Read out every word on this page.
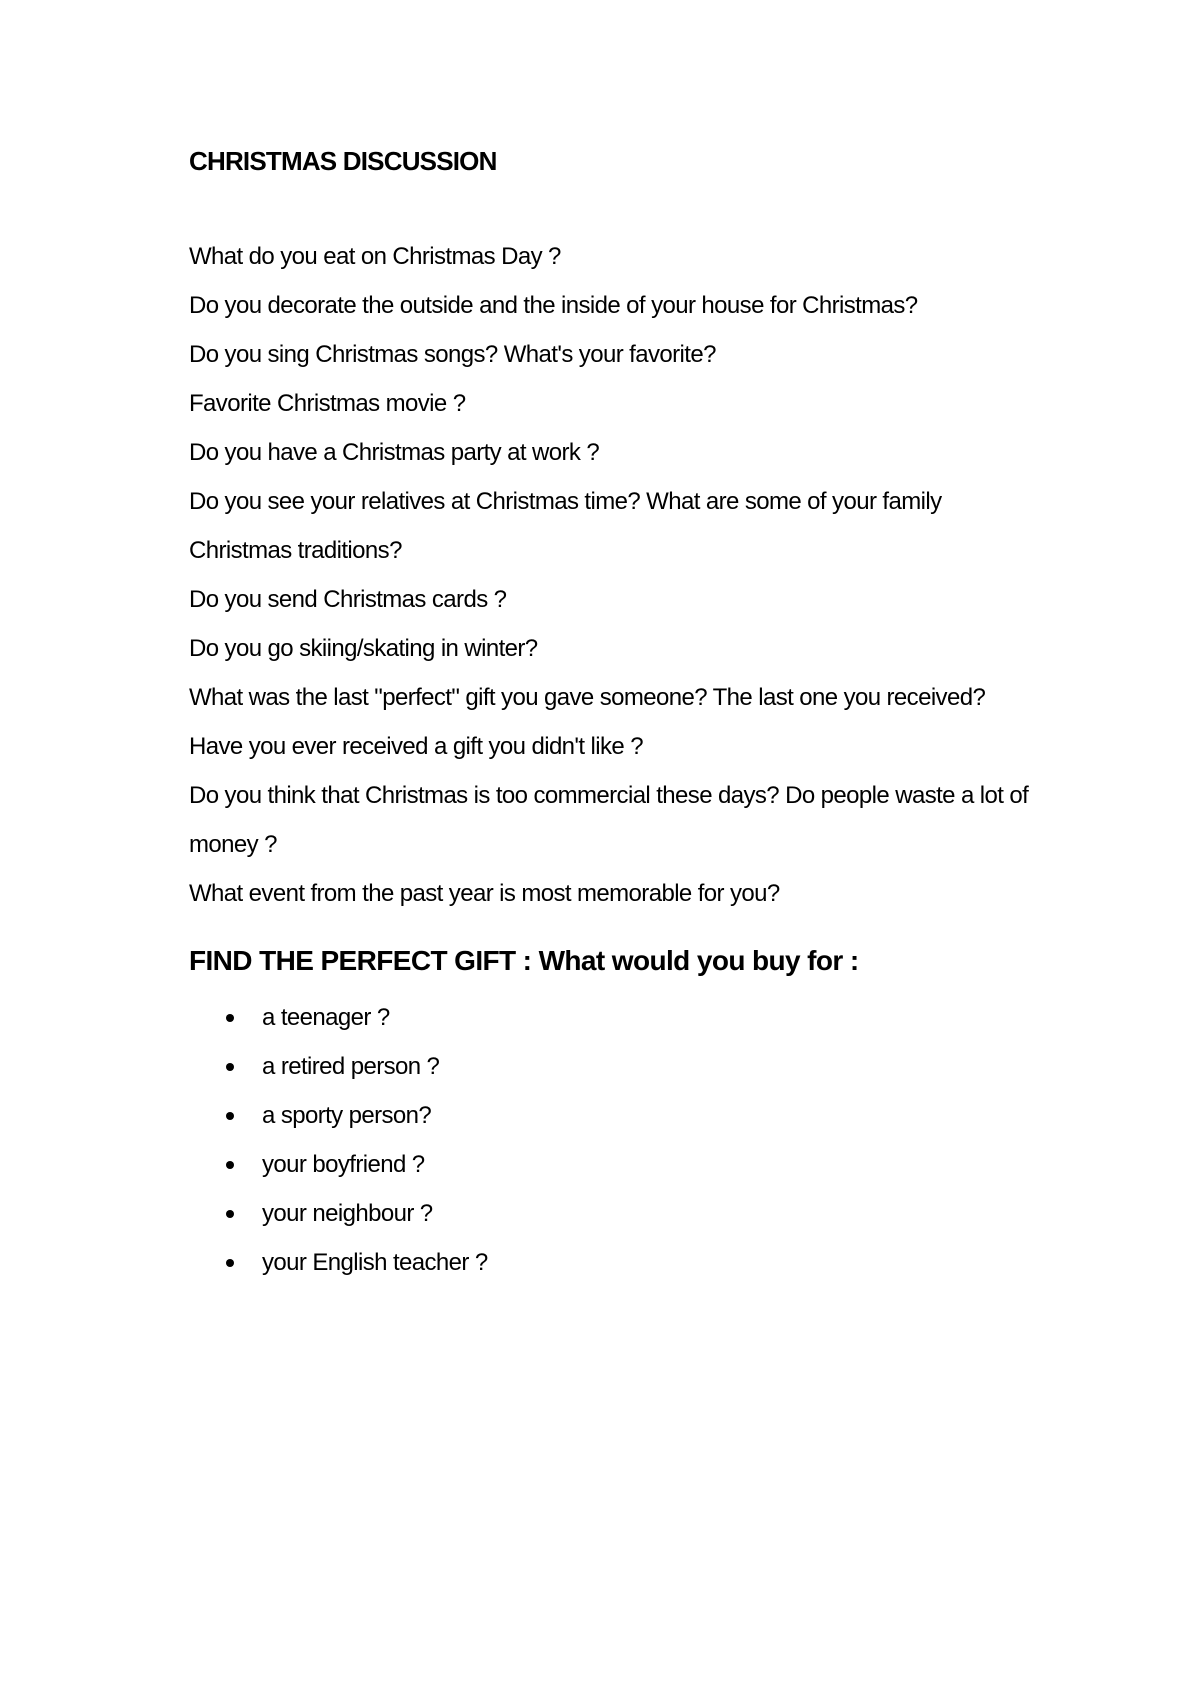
CHRISTMAS DISCUSSION
What do you eat on Christmas Day ?
Do you decorate the outside and the inside of your house for Christmas?
Do you sing Christmas songs? What's your favorite?
Favorite Christmas movie ?
Do you have a Christmas party at work ?
Do you see your relatives at Christmas time? What are some of your family Christmas traditions?
Do you send Christmas cards ?
Do you go skiing/skating in winter?
What was the last "perfect" gift you gave someone? The last one you received?
Have you ever received a gift you didn't like ?
Do you think that Christmas is too commercial these days? Do people waste a lot of money ?
What event from the past year is most memorable for you?
FIND THE PERFECT GIFT : What would you buy for :
a teenager ?
a retired person ?
a sporty person?
your boyfriend ?
your neighbour ?
your English teacher ?
